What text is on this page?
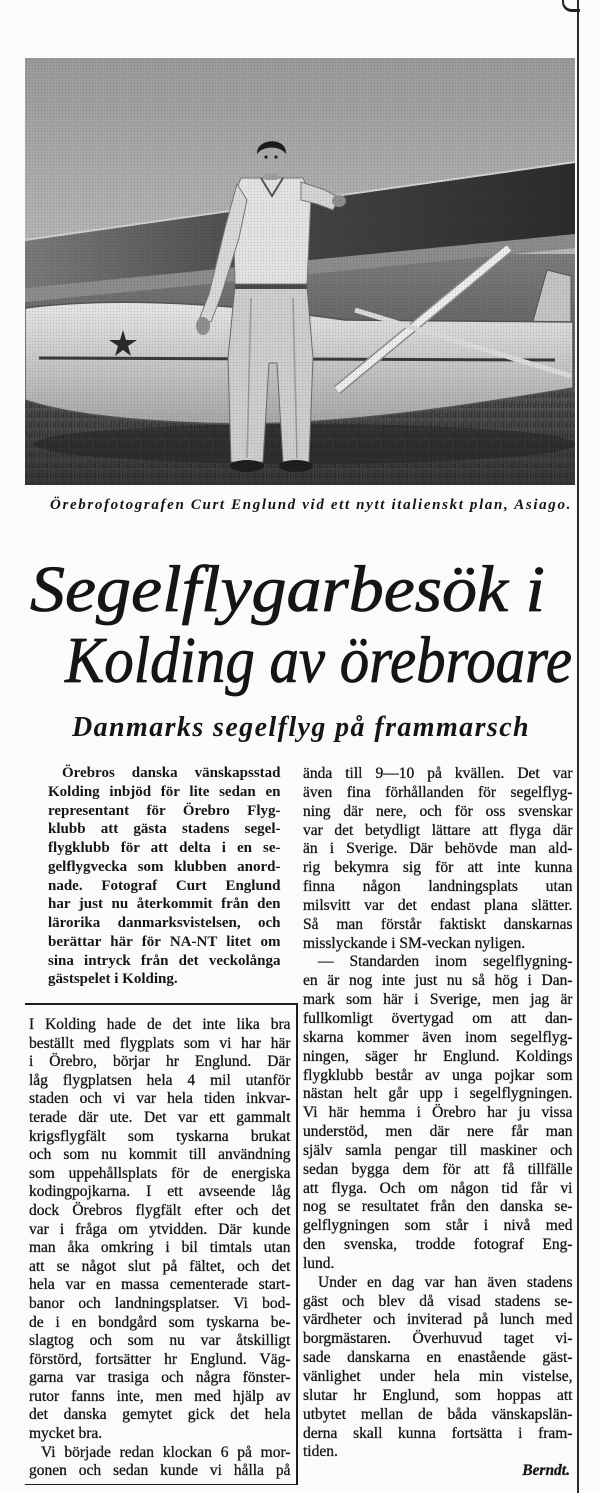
Örebrofotografen Curt Englund vid ett nytt italienskt plan, Asiago.
Segelflygarbesök i
Kolding av örebroare
Danmarks segelflyg på frammarsch
Örebros danska vänskapsstad
Kolding inbjöd för lite sedan en
representant för Örebro Flyg-
klubb att gästa stadens segel-
flygklubb för att delta i en se-
gelflygvecka som klubben anord-
nade. Fotograf Curt Englund
har just nu återkommit från den
lärorika danmarksvistelsen, och
berättar här för NA-NT litet om
sina intryck från det veckolånga
gästspelet i Kolding.
I Kolding hade de det inte lika bra
beställt med flygplats som vi har här
i Örebro, börjar hr Englund. Där
låg flygplatsen hela 4 mil utanför
staden och vi var hela tiden inkvar-
terade där ute. Det var ett gammalt
krigsflygfält som tyskarna brukat
och som nu kommit till användning
som uppehållsplats för de energiska
kodingpojkarna. I ett avseende låg
dock Örebros flygfält efter och det
var i fråga om ytvidden. Där kunde
man åka omkring i bil timtals utan
att se något slut på fältet, och det
hela var en massa cementerade start-
banor och landningsplatser. Vi bod-
de i en bondgård som tyskarna be-
slagtog och som nu var åtskilligt
förstörd, fortsätter hr Englund. Väg-
garna var trasiga och några fönster-
rutor fanns inte, men med hjälp av
det danska gemytet gick det hela
mycket bra.
Vi började redan klockan 6 på mor-
gonen och sedan kunde vi hålla på
ända till 9—10 på kvällen. Det var
även fina förhållanden för segelflyg-
ning där nere, och för oss svenskar
var det betydligt lättare att flyga där
än i Sverige. Där behövde man ald-
rig bekymra sig för att inte kunna
finna någon landningsplats utan
milsvitt var det endast plana slätter.
Så man förstår faktiskt danskarnas
misslyckande i SM-veckan nyligen.
— Standarden inom segelflygning-
en är nog inte just nu så hög i Dan-
mark som här i Sverige, men jag är
fullkomligt övertygad om att dan-
skarna kommer även inom segelflyg-
ningen, säger hr Englund. Koldings
flygklubb består av unga pojkar som
nästan helt går upp i segelflygningen.
Vi här hemma i Örebro har ju vissa
understöd, men där nere får man
själv samla pengar till maskiner och
sedan bygga dem för att få tillfälle
att flyga. Och om någon tid får vi
nog se resultatet från den danska se-
gelflygningen som står i nivå med
den svenska, trodde fotograf Eng-
lund.
Under en dag var han även stadens
gäst och blev då visad stadens se-
värdheter och inviterad på lunch med
borgmästaren. Överhuvud taget vi-
sade danskarna en enastående gäst-
vänlighet under hela min vistelse,
slutar hr Englund, som hoppas att
utbytet mellan de båda vänskapslän-
derna skall kunna fortsätta i fram-
tiden.
Berndt.
